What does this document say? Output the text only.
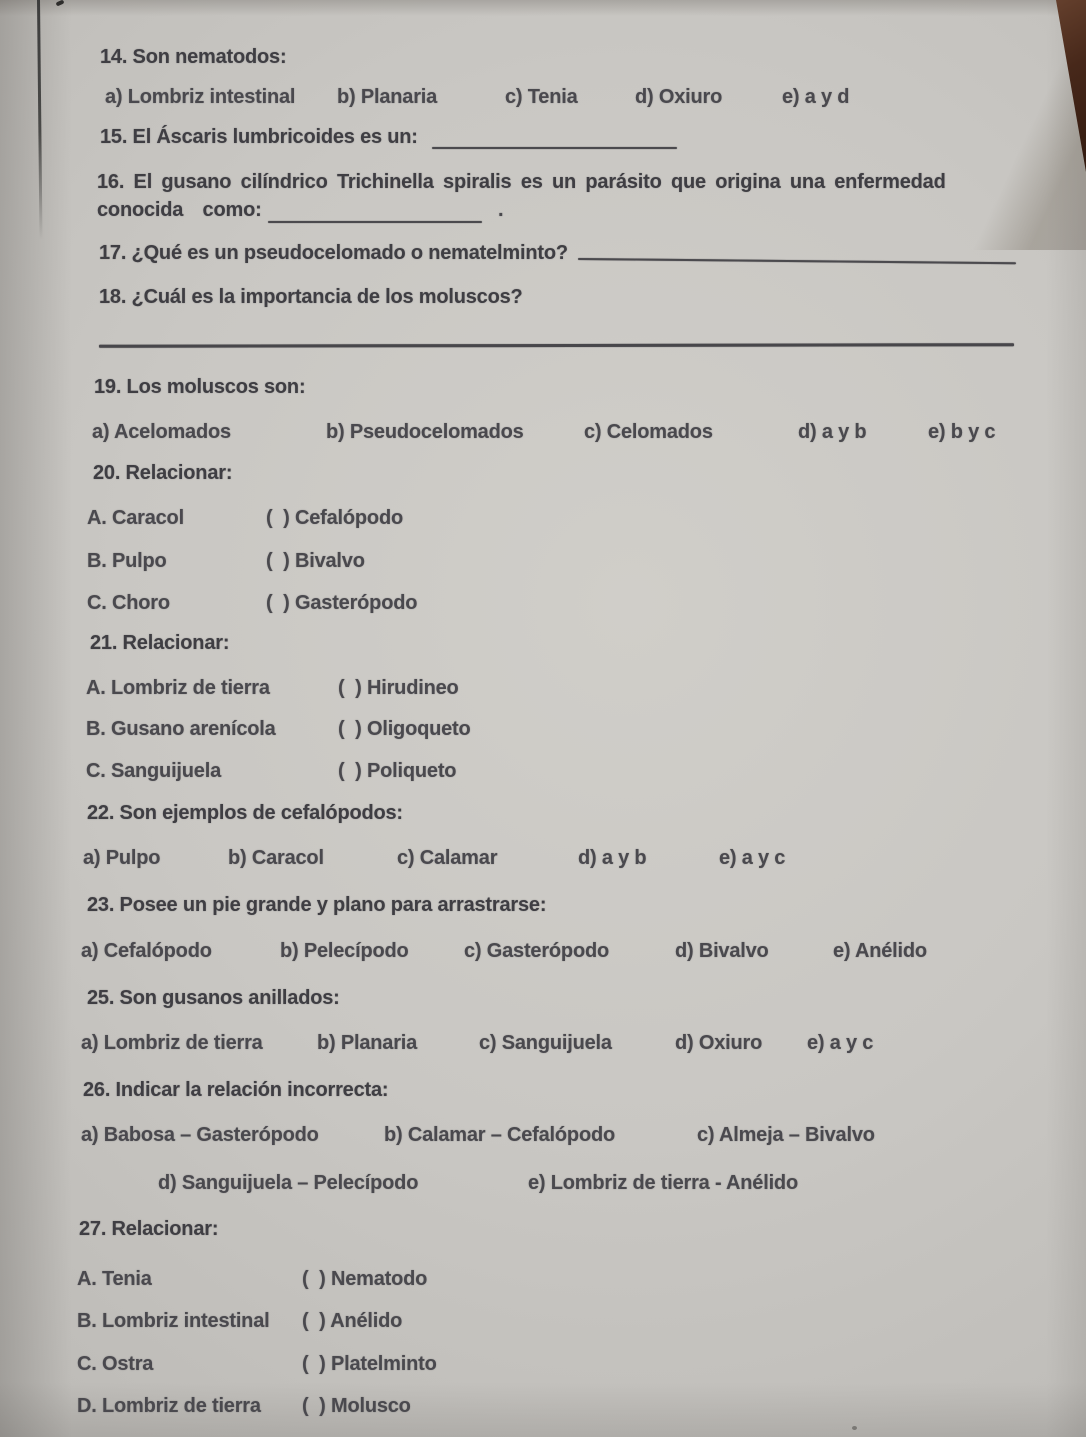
14. Son nematodos:
a) Lombriz intestinal b) Planaria	c) Tenia	d) Oxiuro	e) a y d
15. El Áscaris lumbricoides es un:
16. El gusano cilíndrico Trichinella spiralis es un parásito que origina una enfermedad
conocida como:	.
17. ¿Qué es un pseudocelomado o nematelminto?
18. ¿Cuál es la importancia de los moluscos?
19. Los moluscos son:
a) Acelomados	b) Pseudocelomados	c) Celomados	d) a y b	e) b y c
20. Relacionar:
A. Caracol	(  ) Cefalópodo
B. Pulpo	(  ) Bivalvo
C. Choro	(  ) Gasterópodo
21. Relacionar:
A. Lombriz de tierra	(  ) Hirudineo
B. Gusano arenícola	(  ) Oligoqueto
C. Sanguijuela	(  ) Poliqueto
22. Son ejemplos de cefalópodos:
a) Pulpo	b) Caracol	c) Calamar	d) a y b	e) a y c
23. Posee un pie grande y plano para arrastrarse:
a) Cefalópodo	b) Pelecípodo	c) Gasterópodo	d) Bivalvo	e) Anélido
25. Son gusanos anillados:
a) Lombriz de tierra	b) Planaria	c) Sanguijuela	d) Oxiuro e) a y c
26. Indicar la relación incorrecta:
a) Babosa – Gasterópodo	b) Calamar – Cefalópodo	c) Almeja – Bivalvo
d) Sanguijuela – Pelecípodo	e) Lombriz de tierra - Anélido
27. Relacionar:
A. Tenia	(  ) Nematodo
B. Lombriz intestinal (  ) Anélido
C. Ostra	(  ) Platelminto
D. Lombriz de tierra (  ) Molusco
